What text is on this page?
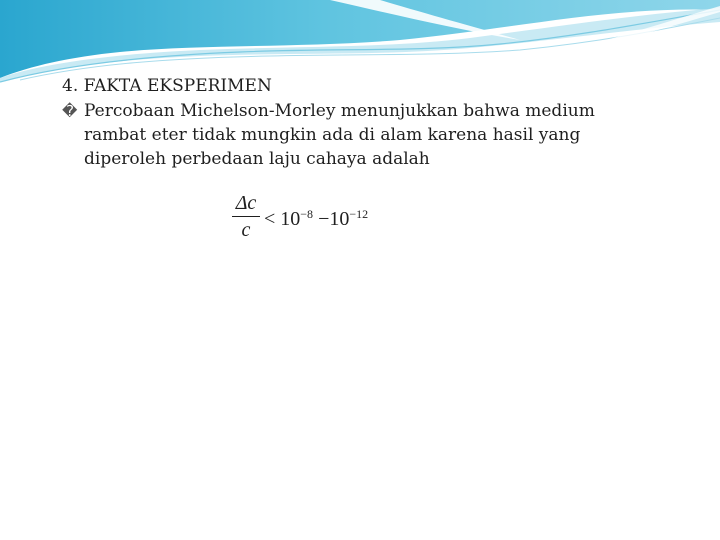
4. FAKTA EKSPERIMEN
� Percobaan Michelson-Morley menunjukkan bahwa medium rambat eter tidak mungkin ada di alam karena hasil yang diperoleh perbedaan laju cahaya adalah

$\frac{\Delta c}{c} < 10^{-8} -10^{-12}$
